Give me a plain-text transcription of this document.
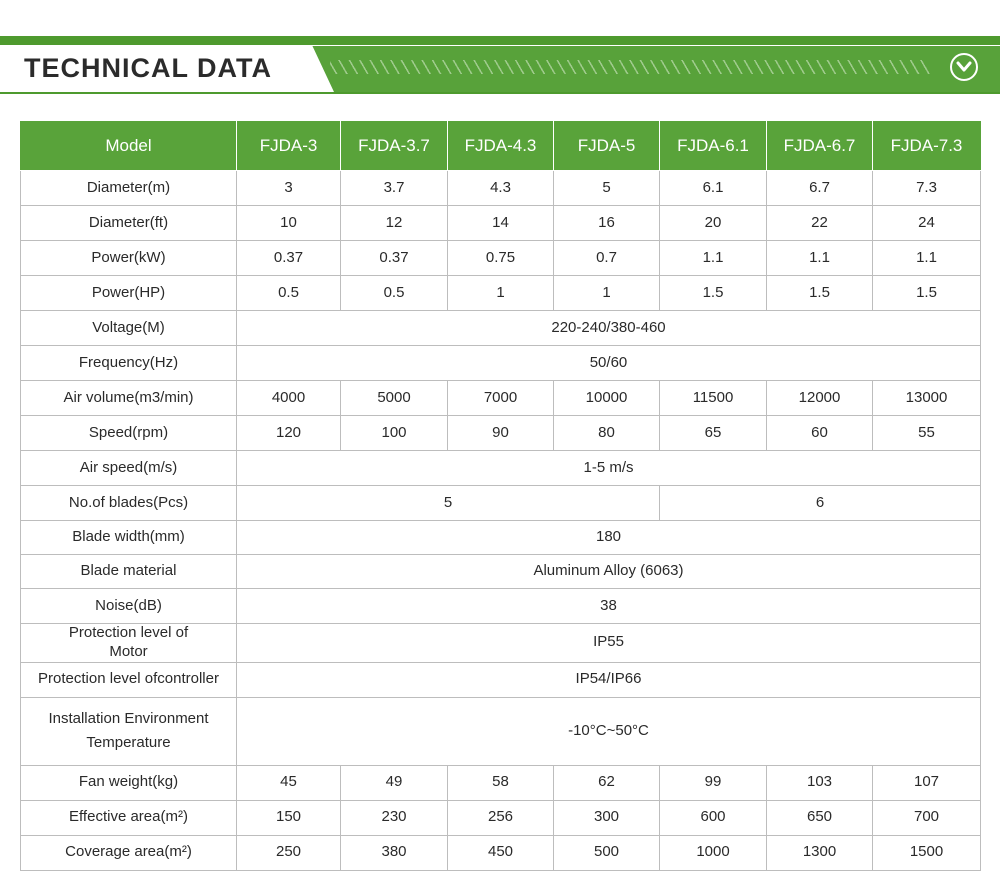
TECHNICAL DATA
Model	FJDA-3	FJDA-3.7	FJDA-4.3	FJDA-5	FJDA-6.1	FJDA-6.7	FJDA-7.3
Diameter(m)	3	3.7	4.3	5	6.1	6.7	7.3
Diameter(ft)	10	12	14	16	20	22	24
Power(kW)	0.37	0.37	0.75	0.7	1.1	1.1	1.1
Power(HP)	0.5	0.5	1	1	1.5	1.5	1.5
Voltage(M)	220-240/380-460						
Frequency(Hz)	50/60						
Air volume(m3/min)	4000	5000	7000	10000	11500	12000	13000
Speed(rpm)	120	100	90	80	65	60	55
Air speed(m/s)	1-5 m/s						
No.of blades(Pcs)	5				6		
Blade width(mm)	180						
Blade material	Aluminum Alloy (6063)						
Noise(dB)	38						
Protection level of
Motor	IP55						
Protection level ofcontroller	IP54/IP66						
Installation Environment
Temperature	-10°C~50°C						
Fan weight(kg)	45	49	58	62	99	103	107
Effective area(m²)	150	230	256	300	600	650	700
Coverage area(m²)	250	380	450	500	1000	1300	1500
